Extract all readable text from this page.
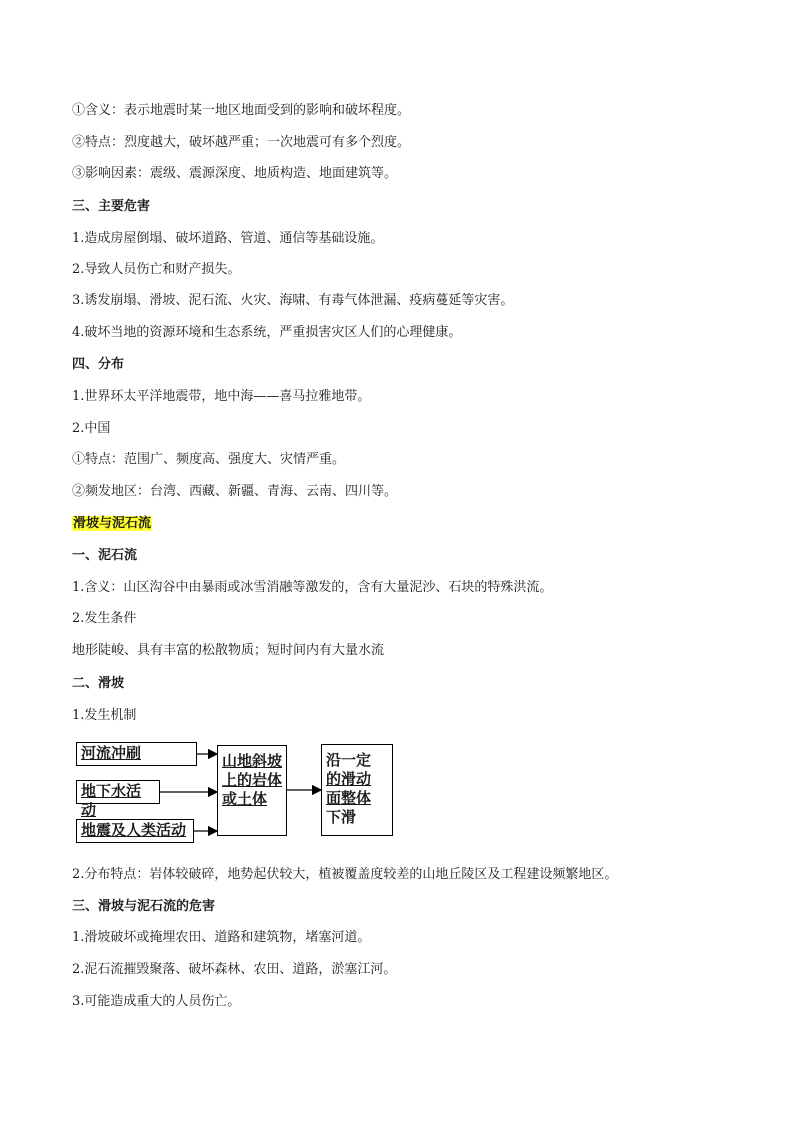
①含义：表示地震时某一地区地面受到的影响和破坏程度。
②特点：烈度越大，破坏越严重；一次地震可有多个烈度。
③影响因素：震级、震源深度、地质构造、地面建筑等。
三、主要危害
1.造成房屋倒塌、破坏道路、管道、通信等基础设施。
2.导致人员伤亡和财产损失。
3.诱发崩塌、滑坡、泥石流、火灾、海啸、有毒气体泄漏、疫病蔓延等灾害。
4.破坏当地的资源环境和生态系统，严重损害灾区人们的心理健康。
四、分布
1.世界环太平洋地震带，地中海——喜马拉雅地带。
2.中国
①特点：范围广、频度高、强度大、灾情严重。
②频发地区：台湾、西藏、新疆、青海、云南、四川等。
滑坡与泥石流
一、泥石流
1.含义：山区沟谷中由暴雨或冰雪消融等激发的，含有大量泥沙、石块的特殊洪流。
2.发生条件
地形陡峻、具有丰富的松散物质；短时间内有大量水流
二、滑坡
1.发生机制
河流冲刷
地下水活动
地震及人类活动
山地斜坡
上的岩体
或土体
沿一定
的滑动
面整体
下滑
2.分布特点：岩体较破碎，地势起伏较大，植被覆盖度较差的山地丘陵区及工程建设频繁地区。
三、滑坡与泥石流的危害
1.滑坡破坏或掩埋农田、道路和建筑物，堵塞河道。
2.泥石流摧毁聚落、破坏森林、农田、道路，淤塞江河。
3.可能造成重大的人员伤亡。
